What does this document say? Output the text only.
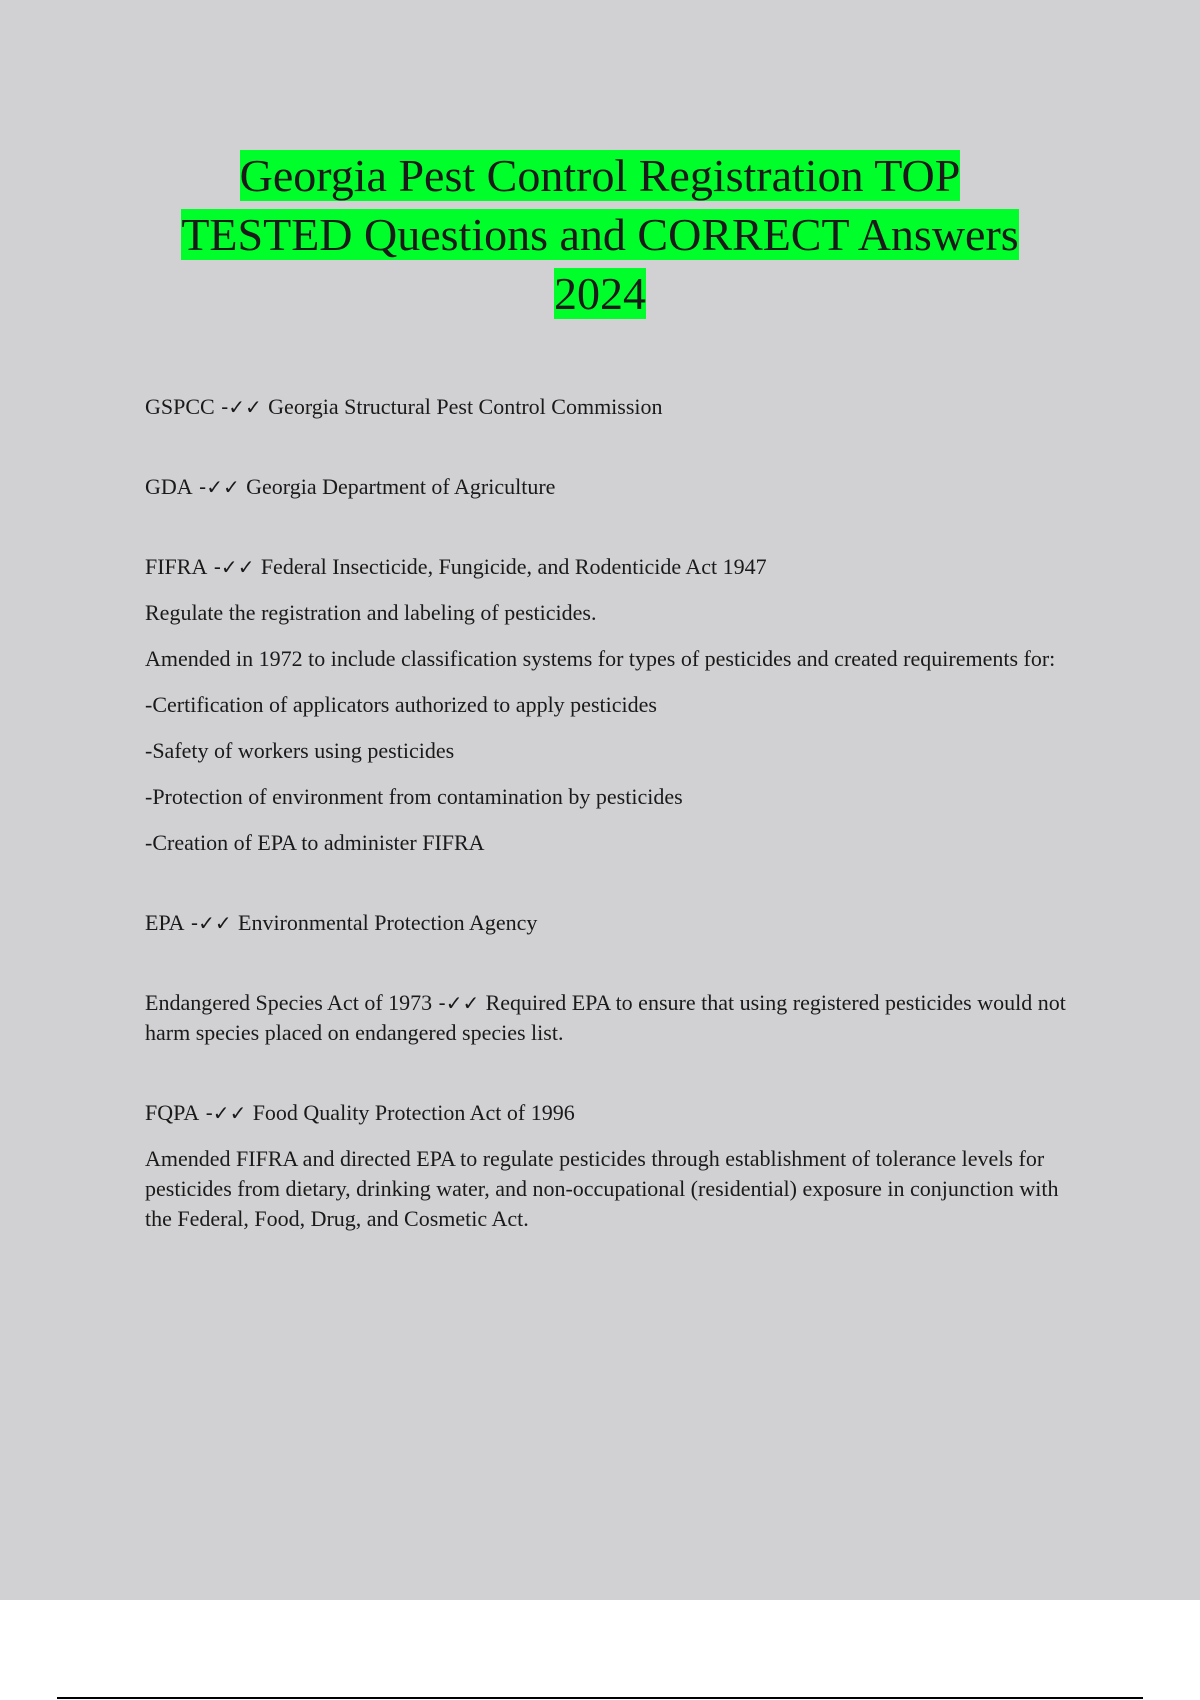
Georgia Pest Control Registration TOP
TESTED Questions and CORRECT Answers
2024

GSPCC -✓✓ Georgia Structural Pest Control Commission

GDA -✓✓ Georgia Department of Agriculture

FIFRA -✓✓ Federal Insecticide, Fungicide, and Rodenticide Act 1947

Regulate the registration and labeling of pesticides.

Amended in 1972 to include classification systems for types of pesticides and created requirements for:

-Certification of applicators authorized to apply pesticides

-Safety of workers using pesticides

-Protection of environment from contamination by pesticides

-Creation of EPA to administer FIFRA

EPA -✓✓ Environmental Protection Agency

Endangered Species Act of 1973 -✓✓ Required EPA to ensure that using registered pesticides would not harm species placed on endangered species list.

FQPA -✓✓ Food Quality Protection Act of 1996

Amended FIFRA and directed EPA to regulate pesticides through establishment of tolerance levels for pesticides from dietary, drinking water, and non-occupational (residential) exposure in conjunction with the Federal, Food, Drug, and Cosmetic Act.
